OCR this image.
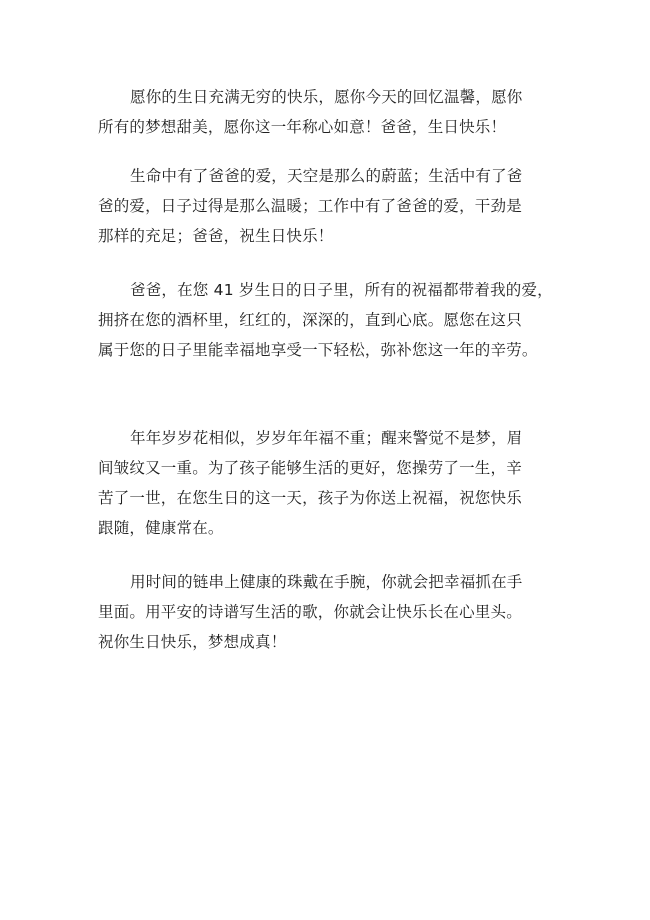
愿你的生日充满无穷的快乐，愿你今天的回忆温馨，愿你
所有的梦想甜美，愿你这一年称心如意！爸爸，生日快乐！
生命中有了爸爸的爱，天空是那么的蔚蓝；生活中有了爸
爸的爱，日子过得是那么温暖；工作中有了爸爸的爱，干劲是
那样的充足；爸爸，祝生日快乐！
爸爸，在您 41 岁生日的日子里，所有的祝福都带着我的爱，
拥挤在您的酒杯里，红红的，深深的，直到心底。愿您在这只
属于您的日子里能幸福地享受一下轻松，弥补您这一年的辛劳。
年年岁岁花相似，岁岁年年福不重；醒来警觉不是梦，眉
间皱纹又一重。为了孩子能够生活的更好，您操劳了一生，辛
苦了一世，在您生日的这一天，孩子为你送上祝福，祝您快乐
跟随，健康常在。
用时间的链串上健康的珠戴在手腕，你就会把幸福抓在手
里面。用平安的诗谱写生活的歌，你就会让快乐长在心里头。
祝你生日快乐，梦想成真！
